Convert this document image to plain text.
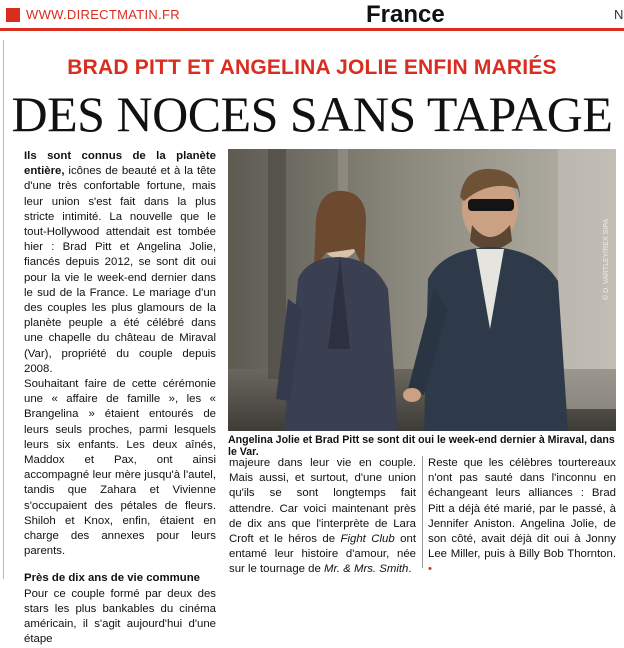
WWW.DIRECTMATIN.FR	France	N
BRAD PITT ET ANGELINA JOLIE ENFIN MARIÉS
DES NOCES SANS TAPAGE

Ils sont connus de la planète entière, icônes de beauté et à la tête d'une très confortable fortune, mais leur union s'est fait dans la plus stricte intimité. La nouvelle que le tout-Hollywood attendait est tombée hier : Brad Pitt et Angelina Jolie, fiancés depuis 2012, se sont dit oui pour la vie le week-end dernier dans le sud de la France. Le mariage d'un des couples les plus glamours de la planète peuple a été célébré dans une chapelle du château de Miraval (Var), propriété du couple depuis 2008.

Souhaitant faire de cette cérémonie une « affaire de famille », les « Brangelina » étaient entourés de leurs seuls proches, parmi lesquels leurs six enfants. Les deux aînés, Maddox et Pax, ont ainsi accompagné leur mère jusqu'à l'autel, tandis que Zahara et Vivienne s'occupaient des pétales de fleurs. Shiloh et Knox, enfin, étaient en charge des annexes pour leurs parents.

Près de dix ans de vie commune

Pour ce couple formé par deux des stars les plus bankables du cinéma américain, il s'agit aujourd'hui d'une étape

© D. VARTLEY/REX SIPA
Angelina Jolie et Brad Pitt se sont dit oui le week-end dernier à Miraval, dans le Var.

majeure dans leur vie en couple. Mais aussi, et surtout, d'une union qu'ils se sont longtemps fait attendre. Car voici maintenant près de dix ans que l'interprète de Lara Croft et le héros de Fight Club ont entamé leur histoire d'amour, née sur le tournage de Mr. & Mrs. Smith.

Reste que les célèbres tourtereaux n'ont pas sauté dans l'inconnu en échangeant leurs alliances : Brad Pitt a déjà été marié, par le passé, à Jennifer Aniston. Angelina Jolie, de son côté, avait déjà dit oui à Jonny Lee Miller, puis à Billy Bob Thornton. •
